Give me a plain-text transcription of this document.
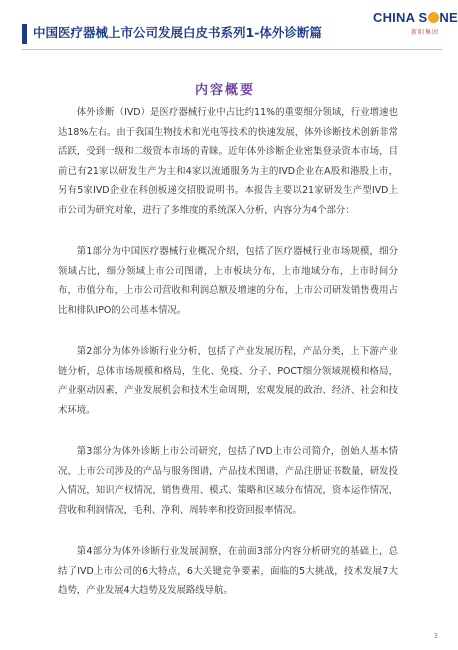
中国医疗器械上市公司发展白皮书系列1-体外诊断篇
CHINA S NE
新阳集团
内容概要

体外诊断（IVD）是医疗器械行业中占比约11%的重要细分领域，行业增速也达18%左右。由于我国生物技术和光电等技术的快速发展，体外诊断技术创新非常活跃，受到一级和二级资本市场的青睐。近年体外诊断企业密集登录资本市场，目前已有21家以研发生产为主和4家以流通服务为主的IVD企业在A股和港股上市，另有5家IVD企业在科创板递交招股说明书。本报告主要以21家研发生产型IVD上市公司为研究对象，进行了多维度的系统深入分析，内容分为4个部分：

第1部分为中国医疗器械行业概况介绍，包括了医疗器械行业市场规模，细分领域占比，细分领域上市公司图谱，上市板块分布，上市地域分布，上市时间分布，市值分布，上市公司营收和利润总额及增速的分布，上市公司研发销售费用占比和排队IPO的公司基本情况。

第2部分为体外诊断行业分析，包括了产业发展历程，产品分类，上下游产业链分析，总体市场规模和格局，生化、免疫、分子、POCT细分领域规模和格局，产业驱动因素，产业发展机会和技术生命周期，宏观发展的政治、经济、社会和技术环境。

第3部分为体外诊断上市公司研究，包括了IVD上市公司简介，创始人基本情况，上市公司涉及的产品与服务图谱，产品技术图谱，产品注册证书数量，研发投入情况，知识产权情况，销售费用、模式、策略和区域分布情况，资本运作情况，营收和利润情况，毛利、净利、周转率和投资回报率情况。

第4部分为体外诊断行业发展洞察，在前面3部分内容分析研究的基础上，总结了IVD上市公司的6大特点，6大关键竞争要素，面临的5大挑战，技术发展7大趋势，产业发展4大趋势及发展路线导航。

3
